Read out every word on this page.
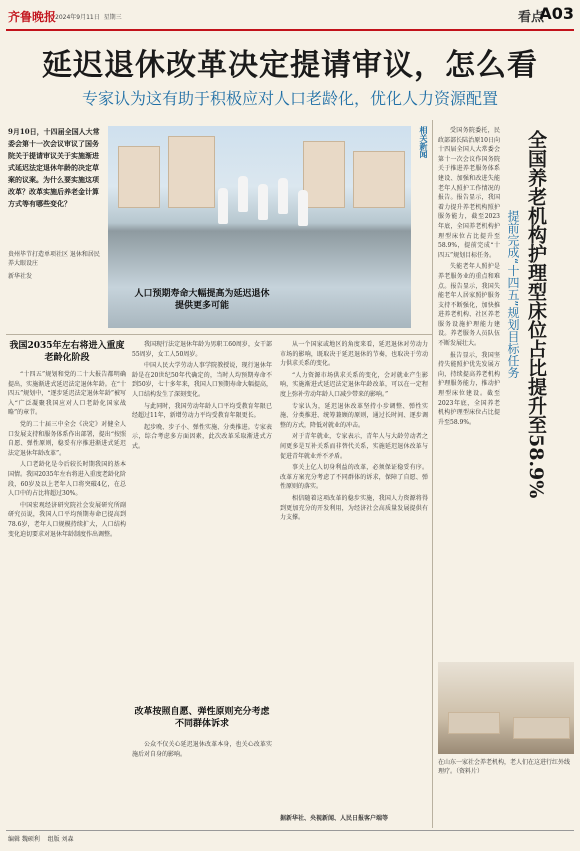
齐鲁晚报
2024年9月11日 星期三	看点
A03
延迟退休改革决定提请审议，怎么看
专家认为这有助于积极应对人口老龄化，优化人力资源配置
9月10日，十四届全国人大常委会第十一次会议审议了国务院关于提请审议关于实施渐进式延迟法定退休年龄的决定草案的议案。为什么要实施这项改革？改革实施后养老金计算方式等有哪些变化？
贵州毕节打造单项社区 退休和居民养大眼设庄
新华社发
相关新闻	全国养老机构护理型床位占比提升至58.9%
提前完成“十四五”规划目标任务

受国务院委托，民政部部长陆治原10日向十四届全国人大常委会第十一次会议作国务院关于推进养老服务体系建设、加强和改进失能老年人照护工作情况的报告。报告显示，我国着力提升养老机构照护服务能力，截至2023年底，全国养老机构护理型床位占比提升至58.9%，提前完成“十四五”规划目标任务。

失能老年人照护是养老服务业的重点和难点。报告显示，我国失能老年人居家照护服务支持不断强化，加快推进养老机构、社区养老服务设施护理能力建设。养老服务人员队伍不断发展壮大。

报告显示，我国坚持失能照护优先发展方向，持续提高养老机构护理服务能力，推动护理型床位建设。截至2023年底，全国养老机构护理型床位占比提升至58.9%。

我国2035年左右将进入重度老龄化阶段

“十四五”规划和党的二十大报告都明确提出，实施渐进式延迟法定退休年龄。在“十四五”规划中，“逐步延迟法定退休年龄”被写入“广泛凝聚我国应对人口老龄化国家战略”的章节。

党的二十届三中全会《决定》对健全人口发展支持和服务体系作出部署，提出“按照自愿、弹性原则，稳妥有序推进渐进式延迟法定退休年龄改革”。

人口老龄化是今后较长时期我国的基本国情。我国2035年左右将进入重度老龄化阶段，60岁及以上老年人口将突破4亿，在总人口中的占比将超过30%。

中国宏观经济研究院社会发展研究所副研究员说，我国人口平均预期寿命已提高到78.6岁，老年人口规模持续扩大，人口结构变化迫切要求对退休年龄制度作出调整。

人口预期寿命大幅提高为延迟退休提供更多可能

我国现行法定退休年龄为男职工60周岁，女干部55周岁，女工人50周岁。

中国人民大学劳动人事学院教授说，现行退休年龄是在20世纪50年代确定的，当时人均预期寿命不到50岁，七十多年来，我国人口预期寿命大幅提高，人口结构发生了深刻变化。

与此同时，我国劳动年龄人口平均受教育年限已经超过11年，新增劳动力平均受教育年限更长。

起步晚、步子小、弹性实施、分类推进。专家表示，综合考虑多方面因素，此次改革采取渐进式方式。

改革按照自愿、弹性原则充分考虑不同群体诉求

公众不仅关心延迟退休改革本身，也关心改革实施后对自身的影响。

从一个国家或地区的角度来看，延迟退休对劳动力市场的影响，既取决于延迟退休的节奏，也取决于劳动力供求关系的变化。

“人力资源市场供求关系的变化，会对就业产生影响，实施渐进式延迟法定退休年龄改革，可以在一定程度上弥补劳动年龄人口减少带来的影响。”

专家认为，延迟退休改革坚持小步调整、弹性实施、分类推进、统筹兼顾的原则，通过长时间、逐步调整的方式，降低对就业的冲击。

对于青年就业，专家表示，青年人与大龄劳动者之间更多是互补关系而非替代关系，实施延迟退休改革与促进青年就业并不矛盾。

事关上亿人切身利益的改革，必须保证稳妥有序。改革方案充分考虑了不同群体的诉求，保障了自愿、弹性原则的落实。

相信随着这项改革的稳步实施，我国人力资源将得到更加充分的开发利用，为经济社会高质量发展提供有力支撑。

据新华社、央视新闻、人民日报客户端等
在山东一家社会养老机构，老人们在这进行红外线理疗。（资料片）
编辑 魏硕利 组版 刘森
